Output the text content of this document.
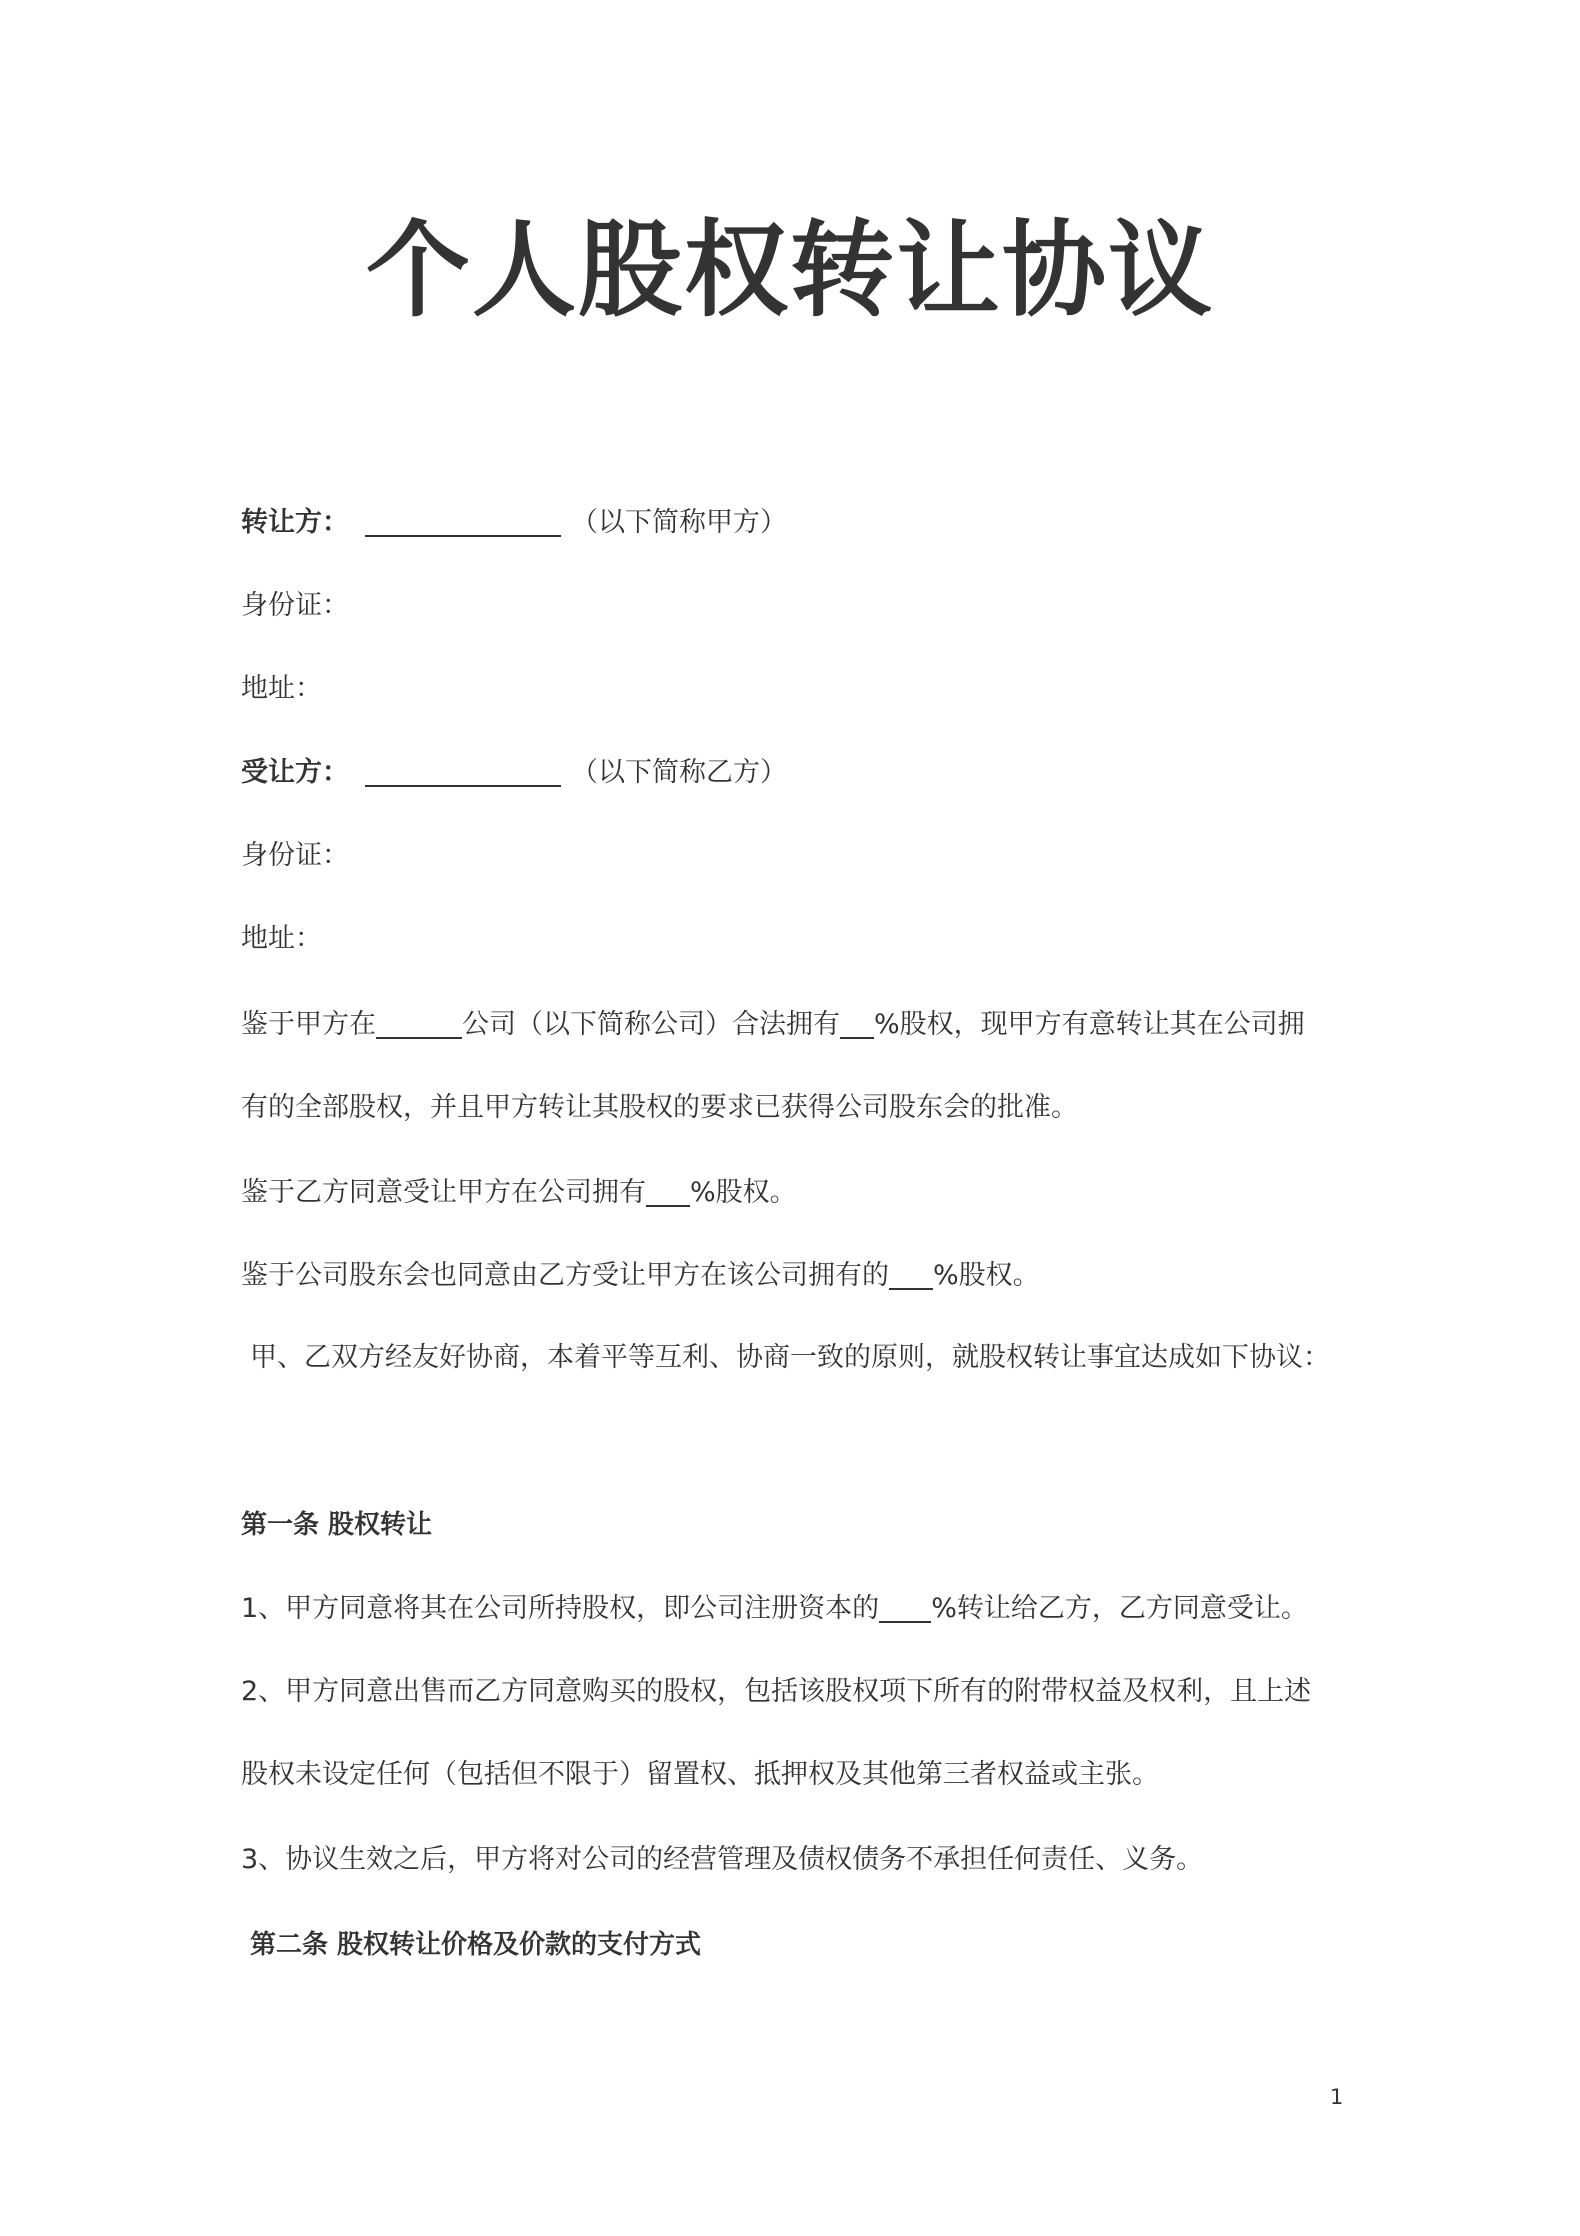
个人股权转让协议
转让方：	（以下简称甲方）
身份证：
地址：
受让方：	（以下简称乙方）
身份证：
地址：
鉴于甲方在	公司（以下简称公司）合法拥有 %股权，现甲方有意转让其在公司拥
有的全部股权，并且甲方转让其股权的要求已获得公司股东会的批准。
鉴于乙方同意受让甲方在公司拥有 %股权。
鉴于公司股东会也同意由乙方受让甲方在该公司拥有的 %股权。
甲、乙双方经友好协商，本着平等互利、协商一致的原则，就股权转让事宜达成如下协议：
第一条 股权转让
1、甲方同意将其在公司所持股权，即公司注册资本的 %转让给乙方，乙方同意受让。
2、甲方同意出售而乙方同意购买的股权，包括该股权项下所有的附带权益及权利，且上述
股权未设定任何（包括但不限于）留置权、抵押权及其他第三者权益或主张。
3、协议生效之后，甲方将对公司的经营管理及债权债务不承担任何责任、义务。
第二条 股权转让价格及价款的支付方式
1
